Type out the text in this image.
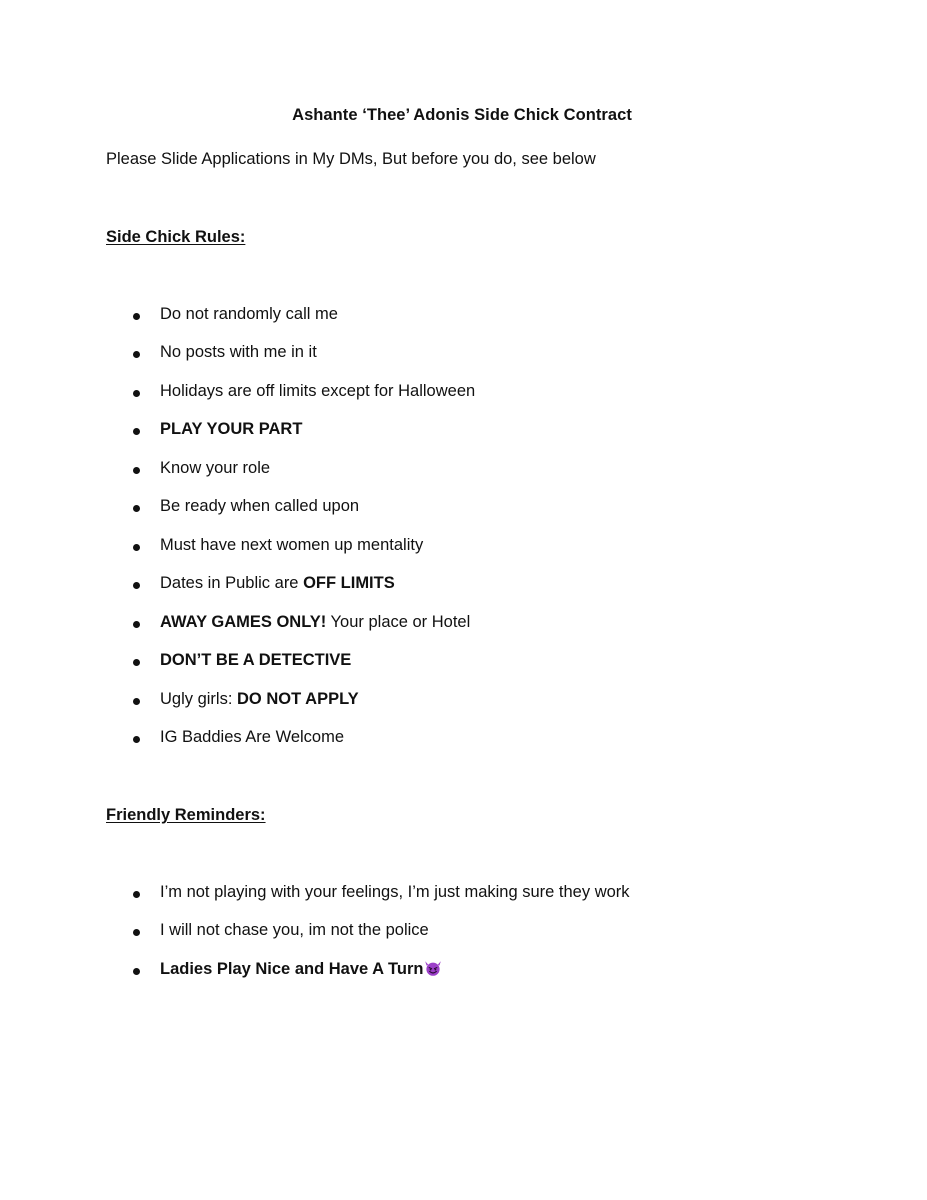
Ashante ‘Thee’ Adonis Side Chick Contract
Please Slide Applications in My DMs, But before you do, see below
Side Chick Rules:
Do not randomly call me
No posts with me in it
Holidays are off limits except for Halloween
PLAY YOUR PART
Know your role
Be ready when called upon
Must have next women up mentality
Dates in Public are OFF LIMITS
AWAY GAMES ONLY! Your place or Hotel
DON’T BE A DETECTIVE
Ugly girls: DO NOT APPLY
IG Baddies Are Welcome
Friendly Reminders:
I’m not playing with your feelings, I’m just making sure they work
I will not chase you, im not the police
Ladies Play Nice and Have A Turn
